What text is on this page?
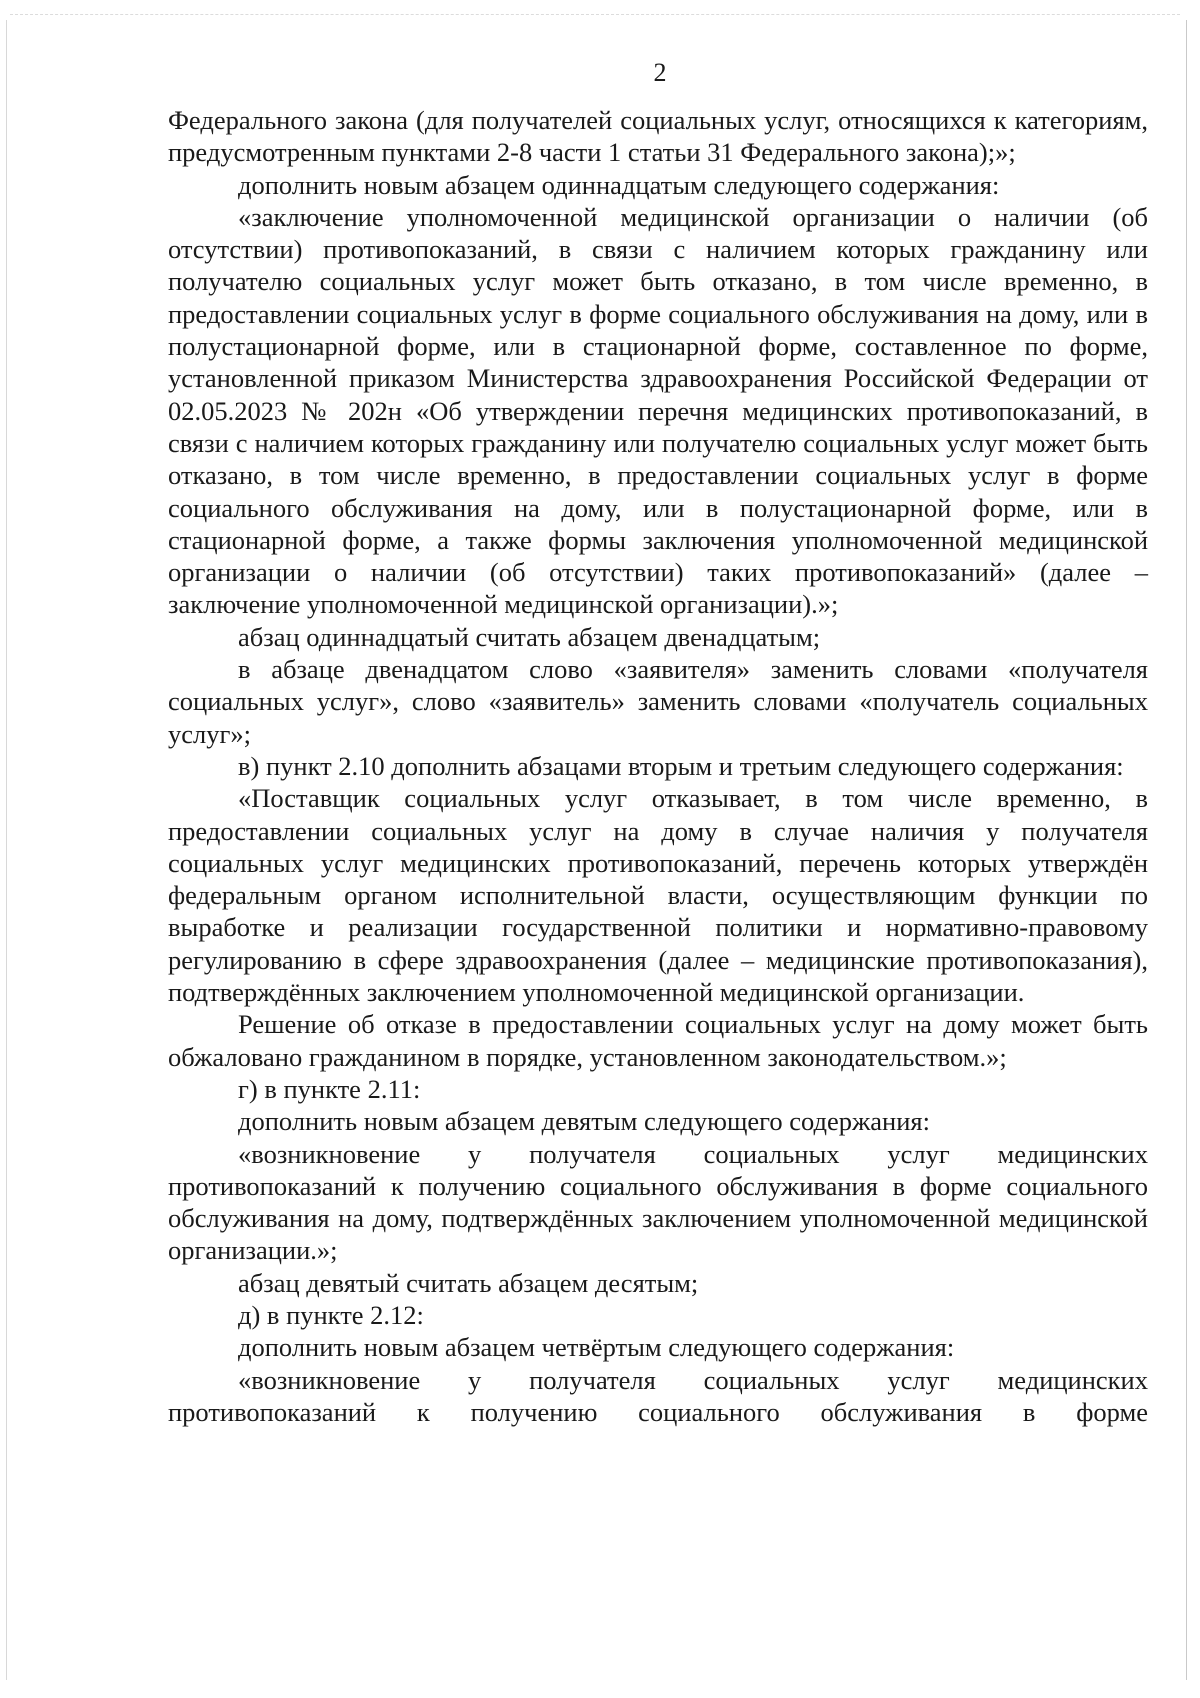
2

Федерального закона (для получателей социальных услуг, относящихся к категориям, предусмотренным пунктами 2-8 части 1 статьи 31 Федерального закона);»;

дополнить новым абзацем одиннадцатым следующего содержания:

«заключение уполномоченной медицинской организации о наличии (об отсутствии) противопоказаний, в связи с наличием которых гражданину или получателю социальных услуг может быть отказано, в том числе временно, в предоставлении социальных услуг в форме социального обслуживания на дому, или в полустационарной форме, или в стационарной форме, составленное по форме, установленной приказом Министерства здравоохранения Российской Федерации от 02.05.2023 № 202н «Об утверждении перечня медицинских противопоказаний, в связи с наличием которых гражданину или получателю социальных услуг может быть отказано, в том числе временно, в предоставлении социальных услуг в форме социального обслуживания на дому, или в полустационарной форме, или в стационарной форме, а также формы заключения уполномоченной медицинской организации о наличии (об отсутствии) таких противопоказаний» (далее – заключение уполномоченной медицинской организации).»;

абзац одиннадцатый считать абзацем двенадцатым;

в абзаце двенадцатом слово «заявителя» заменить словами «получателя социальных услуг», слово «заявитель» заменить словами «получатель социальных услуг»;

в) пункт 2.10 дополнить абзацами вторым и третьим следующего содержания:

«Поставщик социальных услуг отказывает, в том числе временно, в предоставлении социальных услуг на дому в случае наличия у получателя социальных услуг медицинских противопоказаний, перечень которых утверждён федеральным органом исполнительной власти, осуществляющим функции по выработке и реализации государственной политики и нормативно-правовому регулированию в сфере здравоохранения (далее – медицинские противопоказания), подтверждённых заключением уполномоченной медицинской организации.

Решение об отказе в предоставлении социальных услуг на дому может быть обжаловано гражданином в порядке, установленном законодательством.»;

г) в пункте 2.11:

дополнить новым абзацем девятым следующего содержания:

«возникновение у получателя социальных услуг медицинских противопоказаний к получению социального обслуживания в форме социального обслуживания на дому, подтверждённых заключением уполномоченной медицинской организации.»;

абзац девятый считать абзацем десятым;

д) в пункте 2.12:

дополнить новым абзацем четвёртым следующего содержания:

«возникновение у получателя социальных услуг медицинских противопоказаний к получению социального обслуживания в форме
